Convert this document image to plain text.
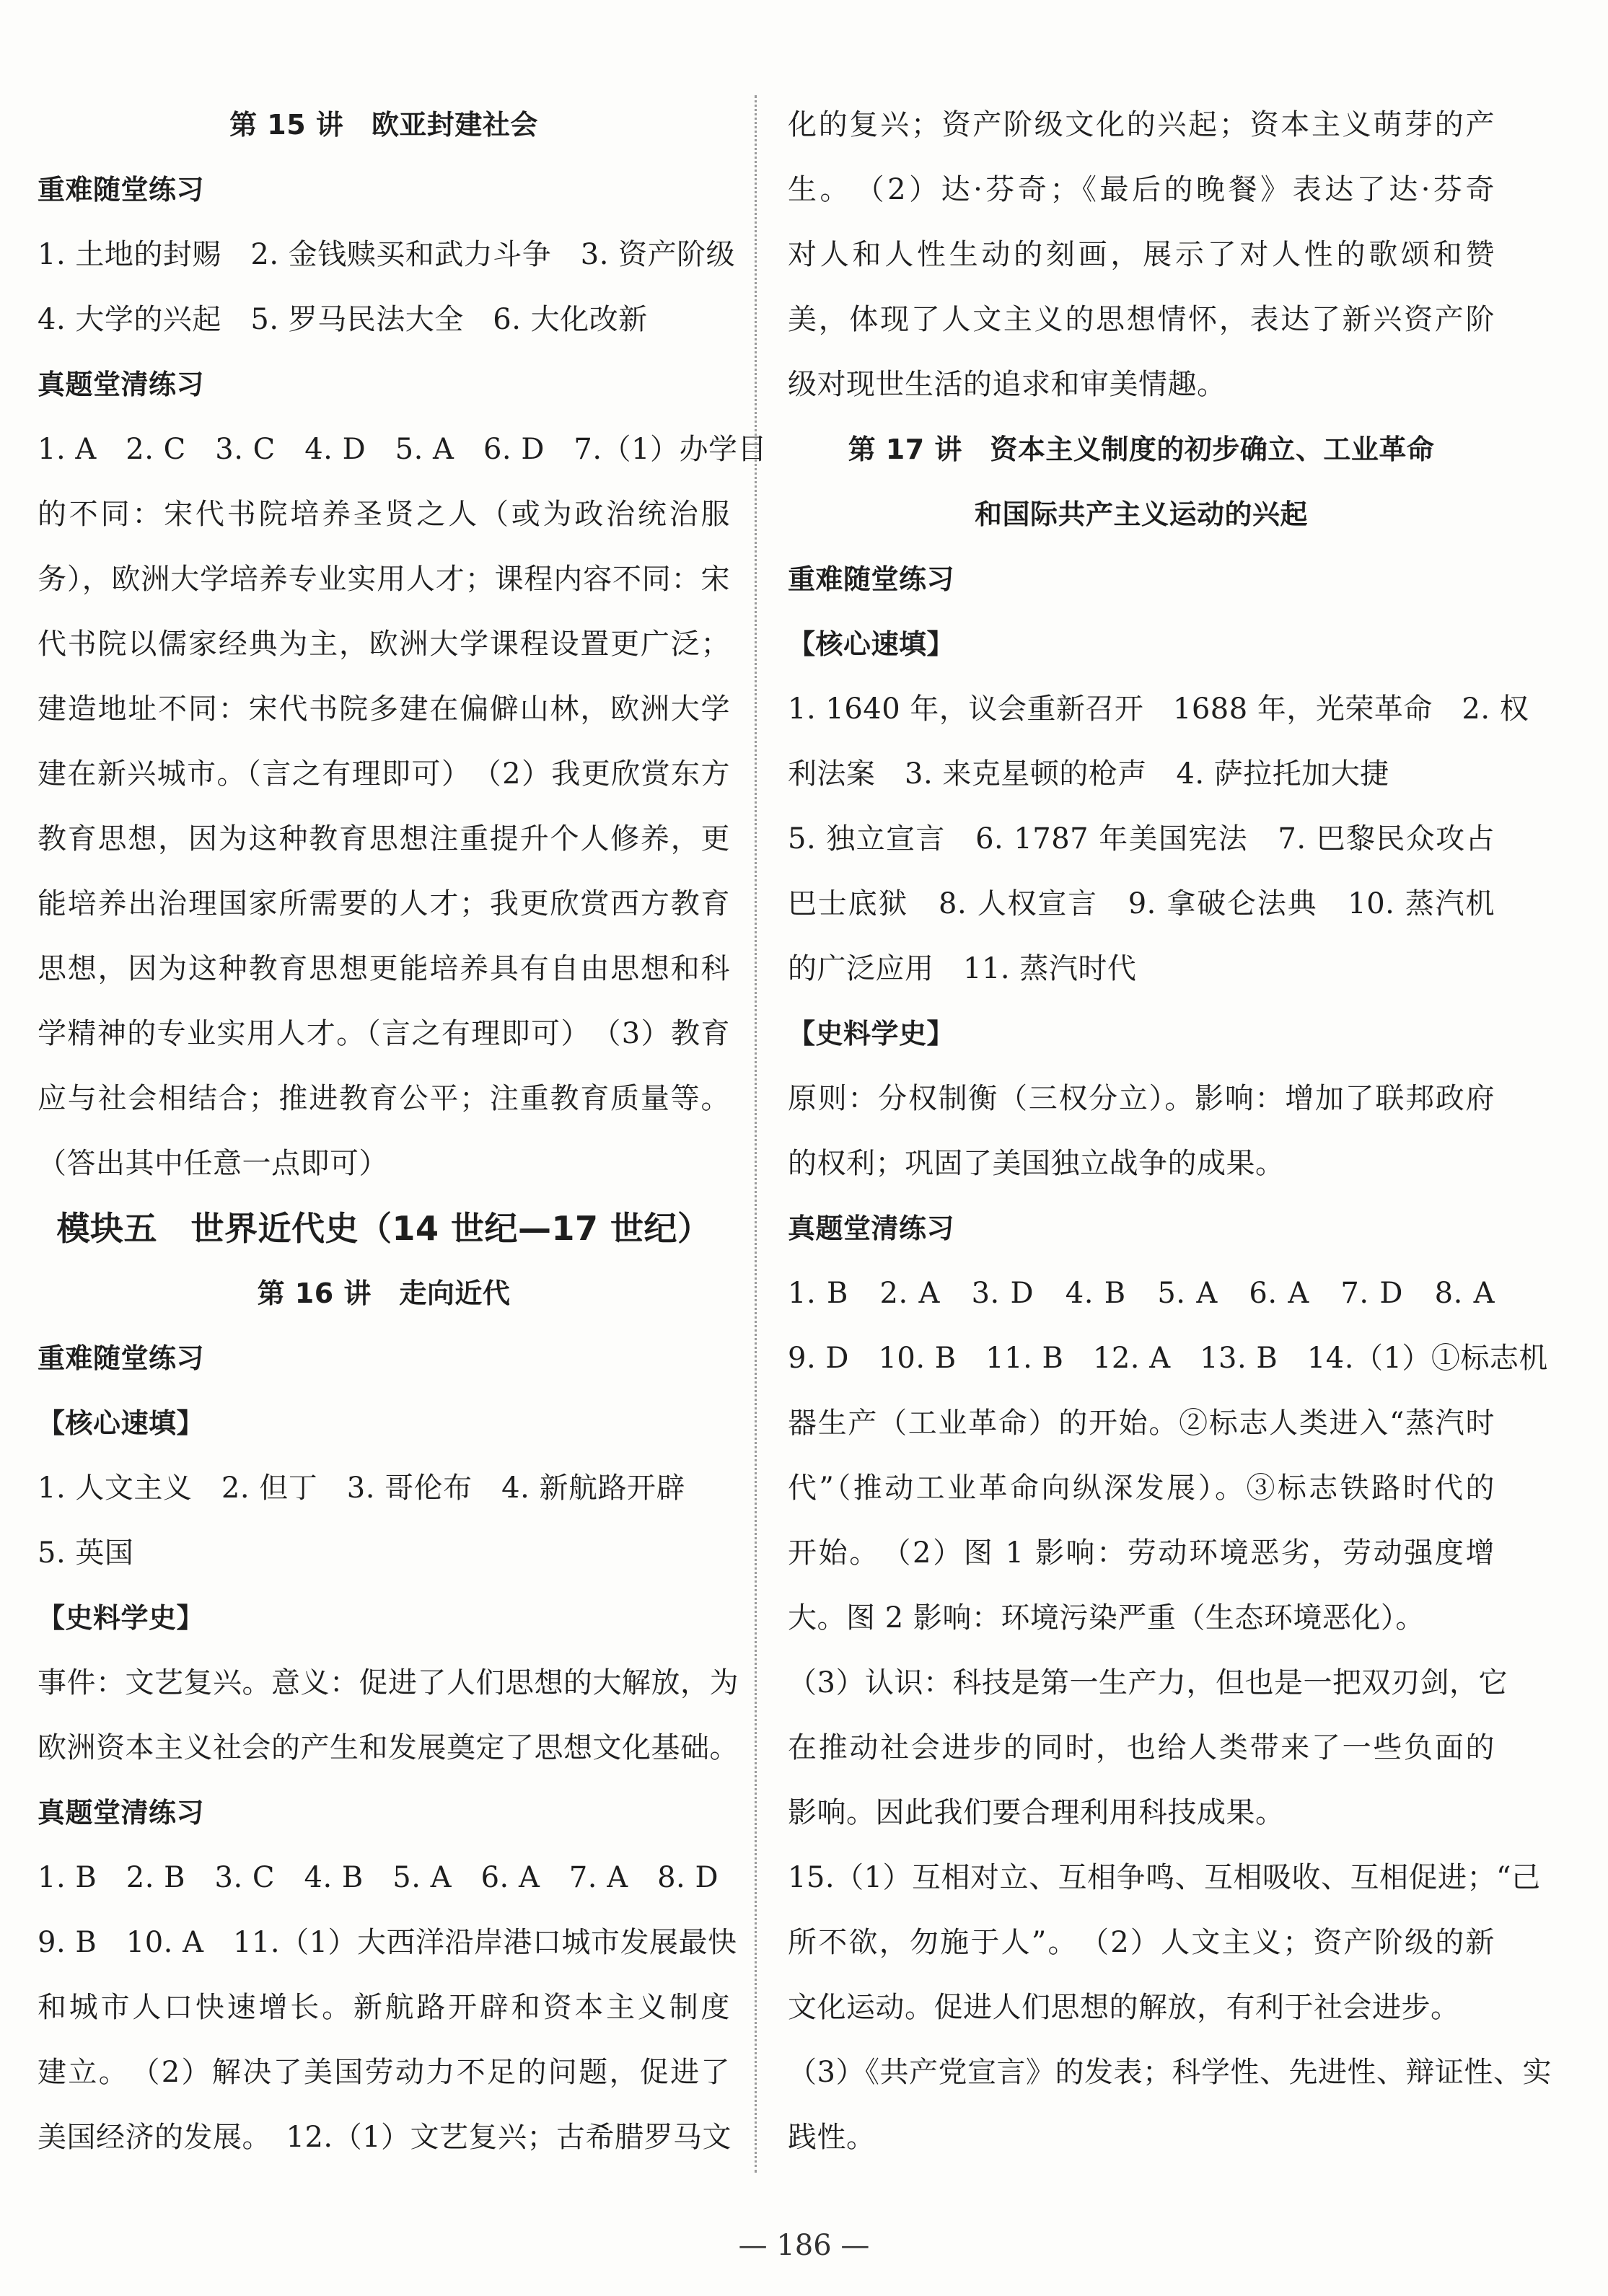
第 15 讲　欧亚封建社会
重难随堂练习
1. 土地的封赐　2. 金钱赎买和武力斗争　3. 资产阶级
4. 大学的兴起　5. 罗马民法大全　6. 大化改新
真题堂清练习
1. A　2. C　3. C　4. D　5. A　6. D　7.（1）办学目
的不同：宋代书院培养圣贤之人（或为政治统治服
务），欧洲大学培养专业实用人才；课程内容不同：宋
代书院以儒家经典为主，欧洲大学课程设置更广泛；
建造地址不同：宋代书院多建在偏僻山林，欧洲大学
建在新兴城市。（言之有理即可）　（2）我更欣赏东方
教育思想，因为这种教育思想注重提升个人修养，更
能培养出治理国家所需要的人才；我更欣赏西方教育
思想，因为这种教育思想更能培养具有自由思想和科
学精神的专业实用人才。（言之有理即可）　（3）教育
应与社会相结合；推进教育公平；注重教育质量等。
（答出其中任意一点即可）
模块五　世界近代史（14 世纪—17 世纪）
第 16 讲　走向近代
重难随堂练习
【核心速填】
1. 人文主义　2. 但丁　3. 哥伦布　4. 新航路开辟
5. 英国
【史料学史】
事件：文艺复兴。意义：促进了人们思想的大解放，为
欧洲资本主义社会的产生和发展奠定了思想文化基础。
真题堂清练习
1. B　2. B　3. C　4. B　5. A　6. A　7. A　8. D
9. B　10. A　11.（1）大西洋沿岸港口城市发展最快
和城市人口快速增长。新航路开辟和资本主义制度
建立。　（2）解决了美国劳动力不足的问题，促进了
美国经济的发展。　12.（1）文艺复兴；古希腊罗马文
化的复兴；资产阶级文化的兴起；资本主义萌芽的产
生。　（2）达·芬奇；《最后的晚餐》表达了达·芬奇
对人和人性生动的刻画，展示了对人性的歌颂和赞
美，体现了人文主义的思想情怀，表达了新兴资产阶
级对现世生活的追求和审美情趣。
第 17 讲　资本主义制度的初步确立、工业革命
和国际共产主义运动的兴起
重难随堂练习
【核心速填】
1. 1640 年，议会重新召开　1688 年，光荣革命　2. 权
利法案　3. 来克星顿的枪声　4. 萨拉托加大捷
5. 独立宣言　6. 1787 年美国宪法　7. 巴黎民众攻占
巴士底狱　8. 人权宣言　9. 拿破仑法典　10. 蒸汽机
的广泛应用　11. 蒸汽时代
【史料学史】
原则：分权制衡（三权分立）。影响：增加了联邦政府
的权利；巩固了美国独立战争的成果。
真题堂清练习
1. B　2. A　3. D　4. B　5. A　6. A　7. D　8. A
9. D　10. B　11. B　12. A　13. B　14.（1）①标志机
器生产（工业革命）的开始。②标志人类进入“蒸汽时
代”（推动工业革命向纵深发展）。③标志铁路时代的
开始。　（2）图 1 影响：劳动环境恶劣，劳动强度增
大。图 2 影响：环境污染严重（生态环境恶化）。
（3）认识：科技是第一生产力，但也是一把双刃剑，它
在推动社会进步的同时，也给人类带来了一些负面的
影响。因此我们要合理利用科技成果。
15.（1）互相对立、互相争鸣、互相吸收、互相促进；“己
所不欲，勿施于人”。　（2）人文主义；资产阶级的新
文化运动。促进人们思想的解放，有利于社会进步。
（3）《共产党宣言》的发表；科学性、先进性、辩证性、实
践性。
— 186 —
